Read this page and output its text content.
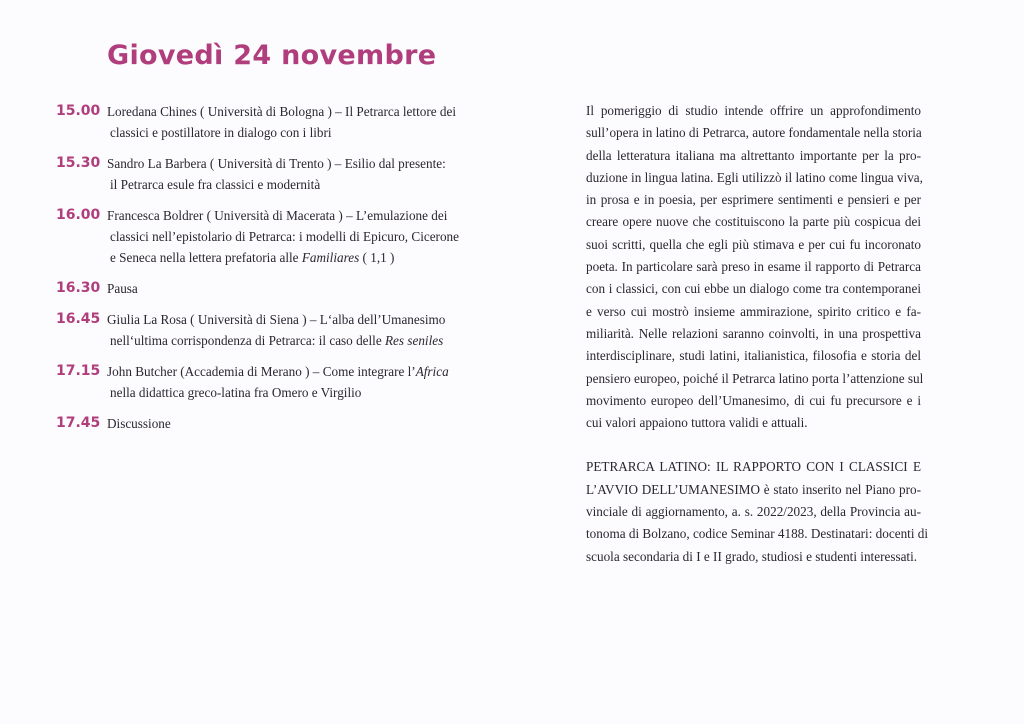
Giovedì 24 novembre
15.00 Loredana Chines ( Università di Bologna ) – Il Petrarca lettore dei
classici e postillatore in dialogo con i libri
15.30 Sandro La Barbera ( Università di Trento ) – Esilio dal presente:
il Petrarca esule fra classici e modernità
16.00 Francesca Boldrer ( Università di Macerata ) – L’emulazione dei
classici nell’epistolario di Petrarca: i modelli di Epicuro, Cicerone
e Seneca nella lettera prefatoria alle Familiares ( 1,1 )
16.30 Pausa
16.45 Giulia La Rosa ( Università di Siena ) – L‘alba dell’Umanesimo
nell‘ultima corrispondenza di Petrarca: il caso delle Res seniles
17.15 John Butcher (Accademia di Merano ) – Come integrare l’Africa
nella didattica greco-latina fra Omero e Virgilio
17.45 Discussione
Il pomeriggio di studio intende offrire un approfondimento
sull’opera in latino di Petrarca, autore fondamentale nella storia
della letteratura italiana ma altrettanto importante per la pro-
duzione in lingua latina. Egli utilizzò il latino come lingua viva,
in prosa e in poesia, per esprimere sentimenti e pensieri e per
creare opere nuove che costituiscono la parte più cospicua dei
suoi scritti, quella che egli più stimava e per cui fu incoronato
poeta. In particolare sarà preso in esame il rapporto di Petrarca
con i classici, con cui ebbe un dialogo come tra contemporanei
e verso cui mostrò insieme ammirazione, spirito critico e fa-
miliarità. Nelle relazioni saranno coinvolti, in una prospettiva
interdisciplinare, studi latini, italianistica, filosofia e storia del
pensiero europeo, poiché il Petrarca latino porta l’attenzione sul
movimento europeo dell’Umanesimo, di cui fu precursore e i
cui valori appaiono tuttora validi e attuali.
PETRARCA LATINO: IL RAPPORTO CON I CLASSICI E
L’AVVIO DELL’UMANESIMO è stato inserito nel Piano pro-
vinciale di aggiornamento, a. s. 2022/2023, della Provincia au-
tonoma di Bolzano, codice Seminar 4188. Destinatari: docenti di
scuola secondaria di I e II grado, studiosi e studenti interessati.
